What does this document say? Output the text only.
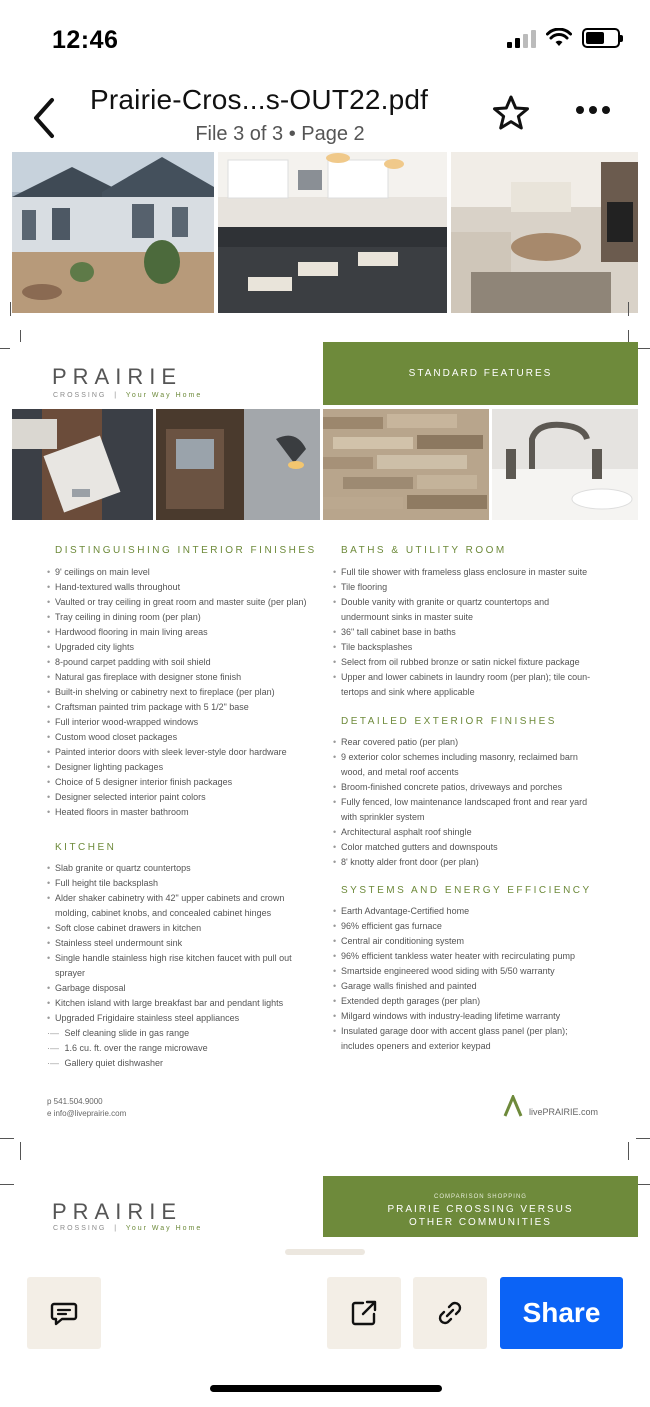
12:46
Prairie-Cros...s-OUT22.pdf
File 3 of 3 • Page 2
PRAIRIE
CROSSING  |  Your Way Home
STANDARD FEATURES
DISTINGUISHING INTERIOR FINISHES
• 9' ceilings on main level
• Hand-textured walls throughout
• Vaulted or tray ceiling in great room and master suite (per plan)
• Tray ceiling in dining room (per plan)
• Hardwood flooring in main living areas
• Upgraded city lights
• 8-pound carpet padding with soil shield
• Natural gas fireplace with designer stone finish
• Built-in shelving or cabinetry next to fireplace (per plan)
• Craftsman painted trim package with 5 1/2" base
• Full interior wood-wrapped windows
• Custom wood closet packages
• Painted interior doors with sleek lever-style door hardware
• Designer lighting packages
• Choice of 5 designer interior finish packages
• Designer selected interior paint colors
• Heated floors in master bathroom
KITCHEN
• Slab granite or quartz countertops
• Full height tile backsplash
• Alder shaker cabinetry with 42" upper cabinets and crown
molding, cabinet knobs, and concealed cabinet hinges
• Soft close cabinet drawers in kitchen
• Stainless steel undermount sink
• Single handle stainless high rise kitchen faucet with pull out
sprayer
• Garbage disposal
• Kitchen island with large breakfast bar and pendant lights
• Upgraded Frigidaire stainless steel appliances
·—    Self cleaning slide in gas range
·—    1.6 cu. ft. over the range microwave
·—    Gallery quiet dishwasher
BATHS & UTILITY ROOM
• Full tile shower with frameless glass enclosure in master suite
• Tile flooring
• Double vanity with granite or quartz countertops and
undermount sinks in master suite
• 36" tall cabinet base in baths
• Tile backsplashes
• Select from oil rubbed bronze or satin nickel fixture package
• Upper and lower cabinets in laundry room (per plan); tile coun-
tertops and sink where applicable
DETAILED EXTERIOR FINISHES
• Rear covered patio (per plan)
• 9 exterior color schemes including masonry, reclaimed barn
wood, and metal roof accents
• Broom-finished concrete patios, driveways and porches
• Fully fenced, low maintenance landscaped front and rear yard
with sprinkler system
• Architectural asphalt roof shingle
• Color matched gutters and downspouts
• 8' knotty alder front door (per plan)
SYSTEMS AND ENERGY EFFICIENCY
• Earth Advantage-Certified home
• 96% efficient gas furnace
• Central air conditioning system
• 96% efficient tankless water heater with recirculating pump
• Smartside engineered wood siding with 5/50 warranty
• Garage walls finished and painted
• Extended depth garages (per plan)
• Milgard windows with industry-leading lifetime warranty
• Insulated garage door with accent glass panel (per plan);
includes openers and exterior keypad
p 541.504.9000
e info@liveprairie.com	livePRAIRIE.com
PRAIRIE
CROSSING  |  Your Way Home
COMPARISON SHOPPING
PRAIRIE CROSSING VERSUS
OTHER COMMUNITIES
Share
